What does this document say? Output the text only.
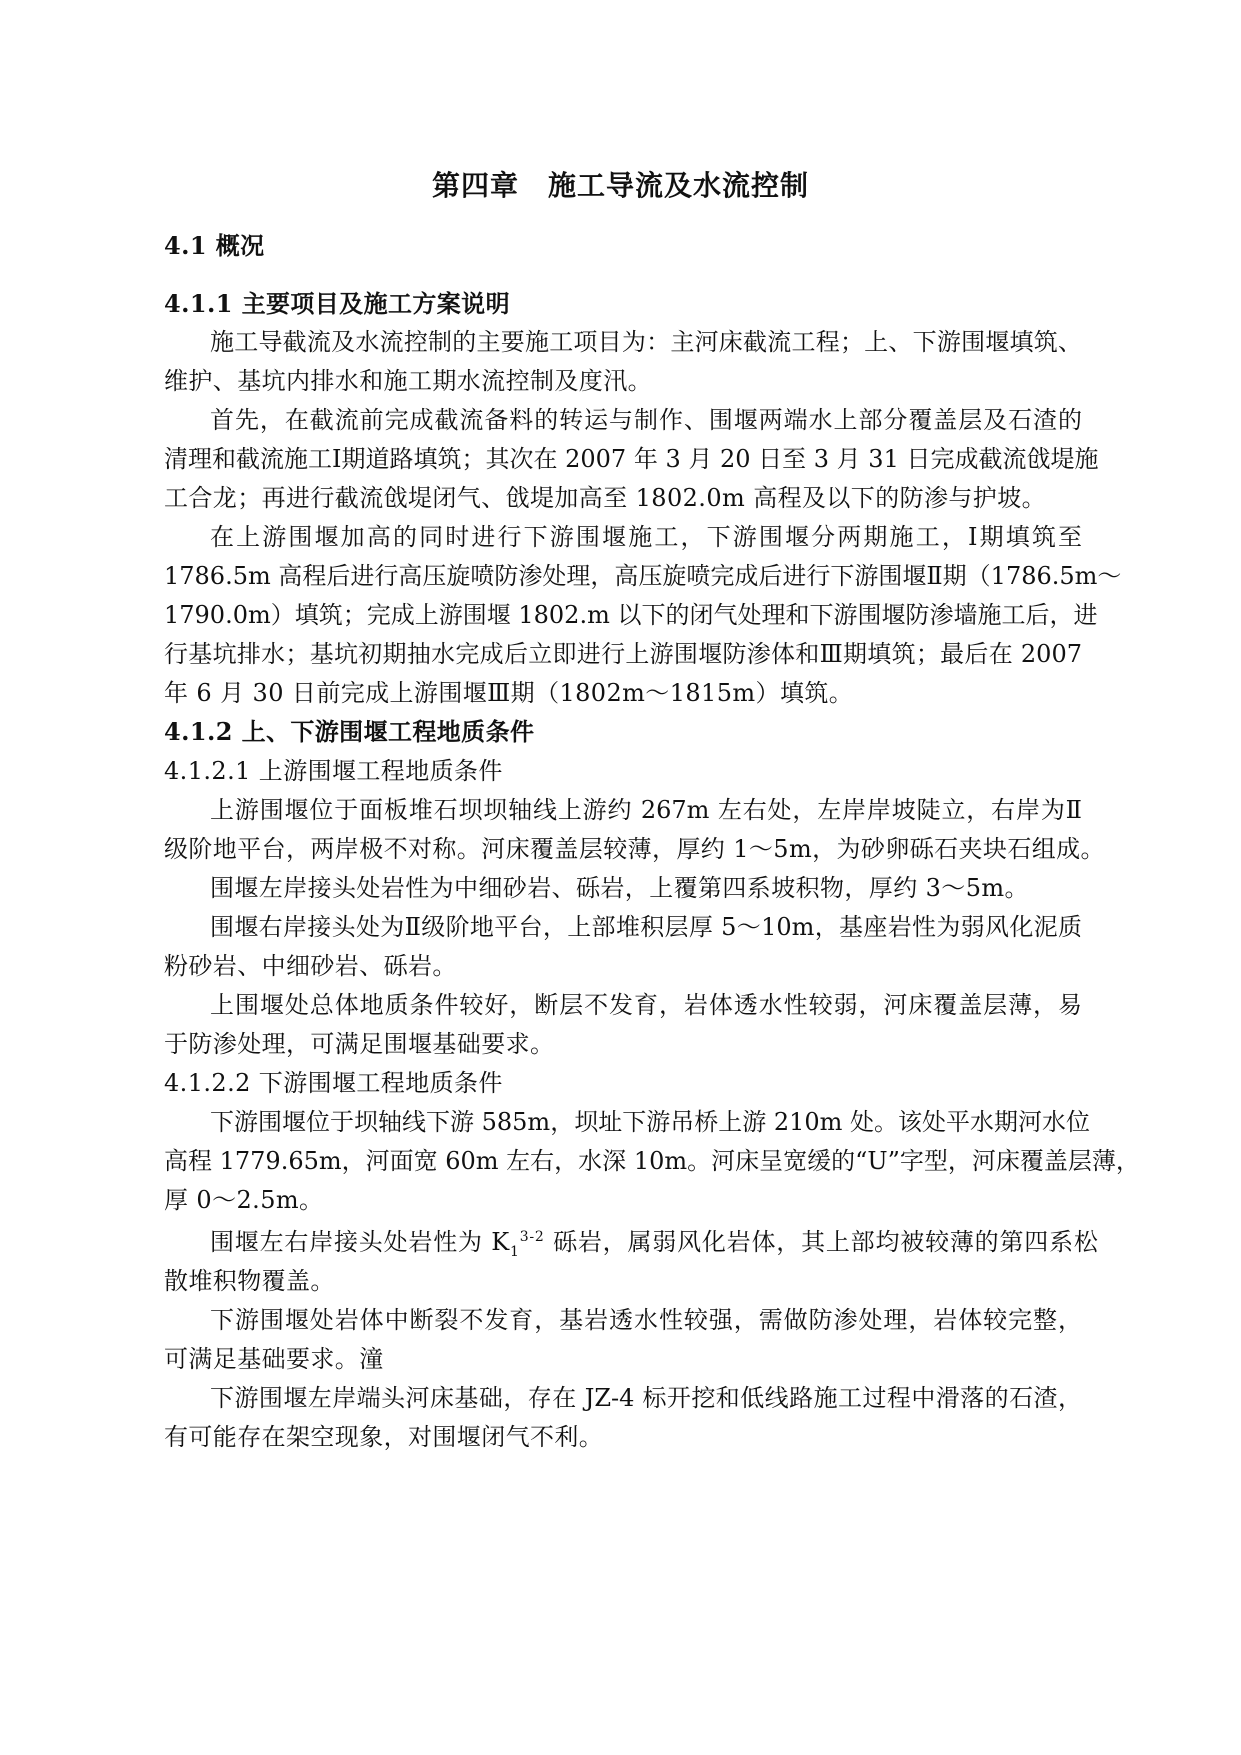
第四章　施工导流及水流控制
4.1 概况
4.1.1 主要项目及施工方案说明
施工导截流及水流控制的主要施工项目为：主河床截流工程；上、下游围堰填筑、
维护、基坑内排水和施工期水流控制及度汛。
首先，在截流前完成截流备料的转运与制作、围堰两端水上部分覆盖层及石渣的
清理和截流施工Ⅰ期道路填筑；其次在 2007 年 3 月 20 日至 3 月 31 日完成截流戗堤施
工合龙；再进行截流戗堤闭气、戗堤加高至 1802.0m 高程及以下的防渗与护坡。
在上游围堰加高的同时进行下游围堰施工，下游围堰分两期施工，Ⅰ期填筑至
1786.5m 高程后进行高压旋喷防渗处理，高压旋喷完成后进行下游围堰Ⅱ期（1786.5m～
1790.0m）填筑；完成上游围堰 1802.m 以下的闭气处理和下游围堰防渗墙施工后，进
行基坑排水；基坑初期抽水完成后立即进行上游围堰防渗体和Ⅲ期填筑；最后在 2007
年 6 月 30 日前完成上游围堰Ⅲ期（1802m～1815m）填筑。
4.1.2 上、下游围堰工程地质条件
4.1.2.1 上游围堰工程地质条件
上游围堰位于面板堆石坝坝轴线上游约 267m 左右处，左岸岸坡陡立，右岸为Ⅱ
级阶地平台，两岸极不对称。河床覆盖层较薄，厚约 1～5m，为砂卵砾石夹块石组成。
围堰左岸接头处岩性为中细砂岩、砾岩，上覆第四系坡积物，厚约 3～5m。
围堰右岸接头处为Ⅱ级阶地平台，上部堆积层厚 5～10m，基座岩性为弱风化泥质
粉砂岩、中细砂岩、砾岩。
上围堰处总体地质条件较好，断层不发育，岩体透水性较弱，河床覆盖层薄，易
于防渗处理，可满足围堰基础要求。
4.1.2.2 下游围堰工程地质条件
下游围堰位于坝轴线下游 585m，坝址下游吊桥上游 210m 处。该处平水期河水位
高程 1779.65m，河面宽 60m 左右，水深 10m。河床呈宽缓的“U”字型，河床覆盖层薄，
厚 0～2.5m。
围堰左右岸接头处岩性为 $K_1^{3-2}$ 砾岩，属弱风化岩体，其上部均被较薄的第四系松
散堆积物覆盖。
下游围堰处岩体中断裂不发育，基岩透水性较强，需做防渗处理，岩体较完整，
可满足基础要求。潼
下游围堰左岸端头河床基础，存在 JZ-4 标开挖和低线路施工过程中滑落的石渣，
有可能存在架空现象，对围堰闭气不利。
